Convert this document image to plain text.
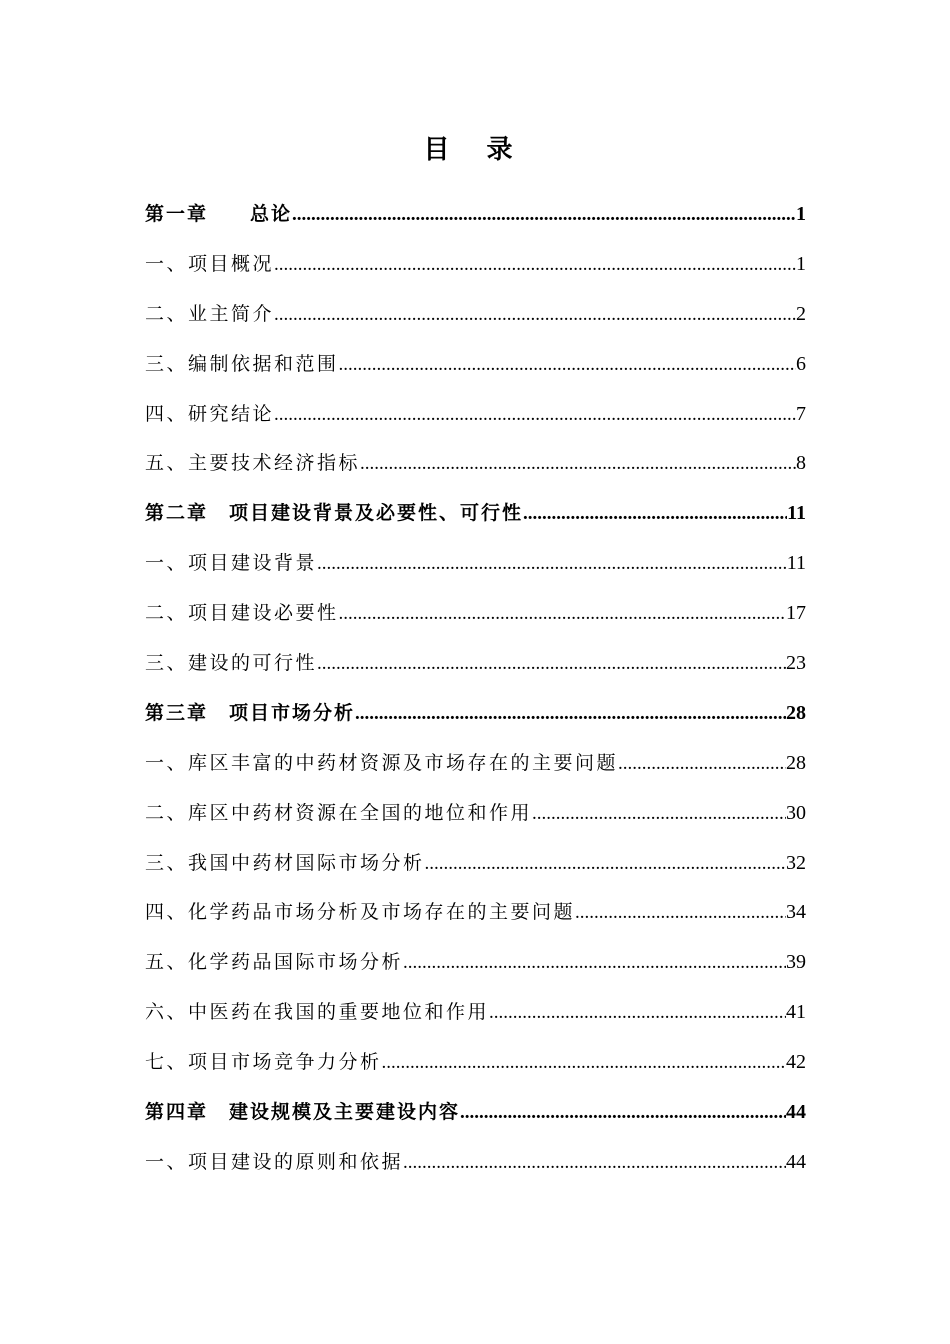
目 录
第一章　　总论 .....	1
一、项目概况 .....	1
二、业主简介 .....	2
三、编制依据和范围 .....	6
四、研究结论 .....	7
五、主要技术经济指标 .....	8
第二章　项目建设背景及必要性、可行性 .....	11
一、项目建设背景 .....	11
二、项目建设必要性 .....	17
三、建设的可行性 .....	23
第三章　项目市场分析 .....	28
一、库区丰富的中药材资源及市场存在的主要问题 .....	28
二、库区中药材资源在全国的地位和作用 .....	30
三、我国中药材国际市场分析 .....	32
四、化学药品市场分析及市场存在的主要问题 .....	34
五、化学药品国际市场分析 .....	39
六、中医药在我国的重要地位和作用 .....	41
七、项目市场竞争力分析 .....	42
第四章　建设规模及主要建设内容 .....	44
一、项目建设的原则和依据 .....	44
